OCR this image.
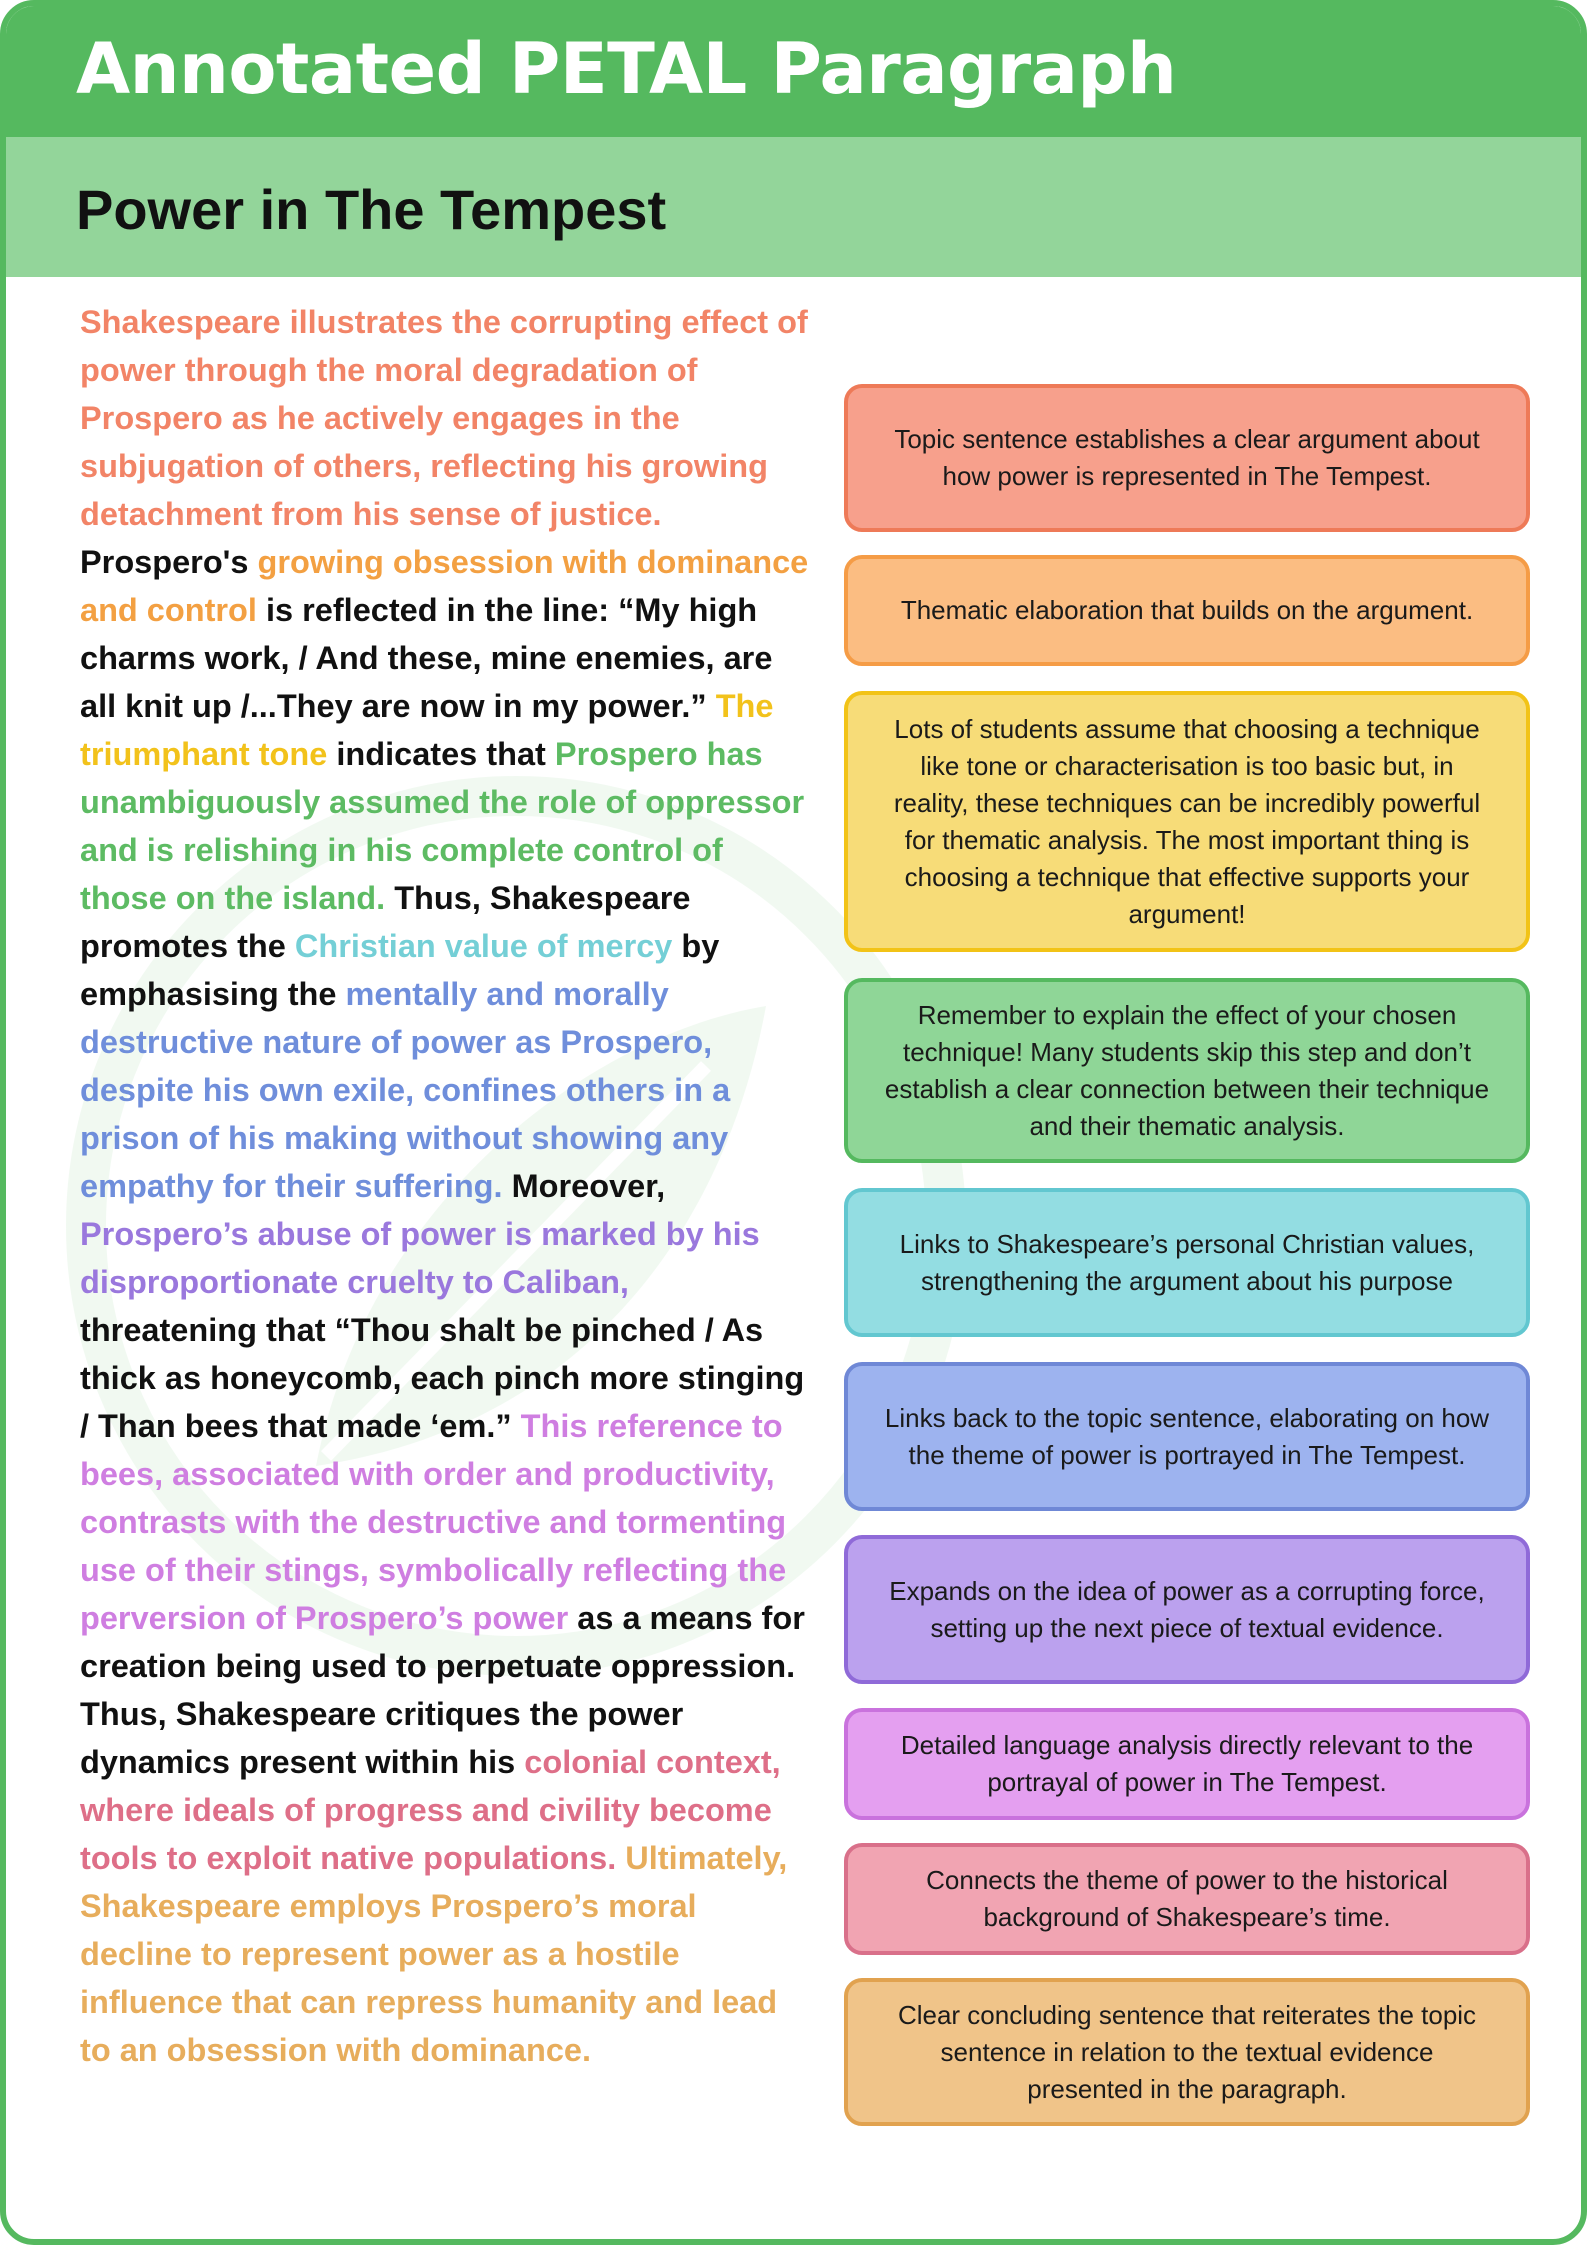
Annotated PETAL Paragraph
Power in The Tempest

Shakespeare illustrates the corrupting effect of power through the moral degradation of Prospero as he actively engages in the subjugation of others, reflecting his growing detachment from his sense of justice. Prospero's growing obsession with dominance and control is reflected in the line: “My high charms work, / And these, mine enemies, are all knit up /...They are now in my power.” The triumphant tone indicates that Prospero has unambiguously assumed the role of oppressor and is relishing in his complete control of those on the island. Thus, Shakespeare promotes the Christian value of mercy by emphasising the mentally and morally destructive nature of power as Prospero, despite his own exile, confines others in a prison of his making without showing any empathy for their suffering. Moreover, Prospero’s abuse of power is marked by his disproportionate cruelty to Caliban, threatening that “Thou shalt be pinched / As thick as honeycomb, each pinch more stinging / Than bees that made ‘em.” This reference to bees, associated with order and productivity, contrasts with the destructive and tormenting use of their stings, symbolically reflecting the perversion of Prospero’s power as a means for creation being used to perpetuate oppression. Thus, Shakespeare critiques the power dynamics present within his colonial context, where ideals of progress and civility become tools to exploit native populations. Ultimately, Shakespeare employs Prospero’s moral decline to represent power as a hostile influence that can repress humanity and lead to an obsession with dominance.

Topic sentence establishes a clear argument about how power is represented in The Tempest.
Thematic elaboration that builds on the argument.
Lots of students assume that choosing a technique like tone or characterisation is too basic but, in reality, these techniques can be incredibly powerful for thematic analysis. The most important thing is choosing a technique that effective supports your argument!
Remember to explain the effect of your chosen technique! Many students skip this step and don’t establish a clear connection between their technique and their thematic analysis.
Links to Shakespeare’s personal Christian values, strengthening the argument about his purpose
Links back to the topic sentence, elaborating on how the theme of power is portrayed in The Tempest.
Expands on the idea of power as a corrupting force, setting up the next piece of textual evidence.
Detailed language analysis directly relevant to the portrayal of power in The Tempest.
Connects the theme of power to the historical background of Shakespeare’s time.
Clear concluding sentence that reiterates the topic sentence in relation to the textual evidence presented in the paragraph.
